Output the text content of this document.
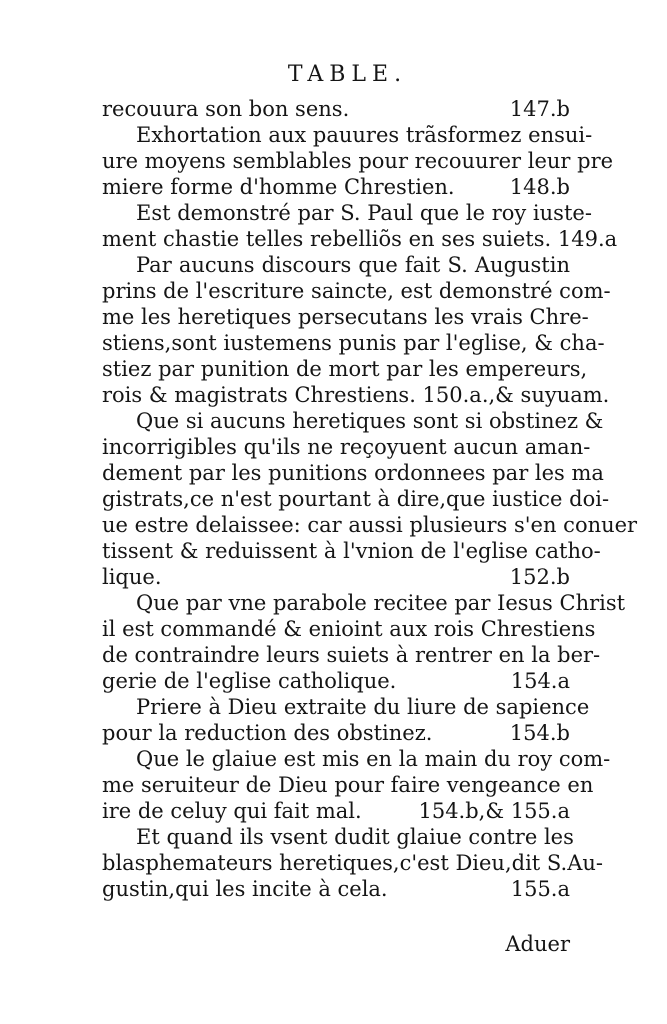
TABLE.
recouura son bon sens.	147.b
Exhortation aux pauures trãsformez ensui-
ure moyens semblables pour recouurer leur pre
miere forme d'homme Chrestien.	148.b
Est demonstré par S. Paul que le roy iuste-
ment chastie telles rebelliõs en ses suiets. 149.a
Par aucuns discours que fait S. Augustin
prins de l'escriture saincte, est demonstré com-
me les heretiques persecutans les vrais Chre-
stiens,sont iustemens punis par l'eglise, & cha-
stiez par punition de mort par les empereurs,
rois & magistrats Chrestiens. 150.a.,& suyuam.
Que si aucuns heretiques sont si obstinez &
incorrigibles qu'ils ne reçoyuent aucun aman-
dement par les punitions ordonnees par les ma
gistrats,ce n'est pourtant à dire,que iustice doi-
ue estre delaissee: car aussi plusieurs s'en conuer
tissent & reduissent à l'vnion de l'eglise catho-
lique.	152.b
Que par vne parabole recitee par Iesus Christ
il est commandé & enioint aux rois Chrestiens
de contraindre leurs suiets à rentrer en la ber-
gerie de l'eglise catholique.	154.a
Priere à Dieu extraite du liure de sapience
pour la reduction des obstinez.	154.b
Que le glaiue est mis en la main du roy com-
me seruiteur de Dieu pour faire vengeance en
ire de celuy qui fait mal.	154.b,& 155.a
Et quand ils vsent dudit glaiue contre les
blasphemateurs heretiques,c'est Dieu,dit S.Au-
gustin,qui les incite à cela.	155.a
Aduer
